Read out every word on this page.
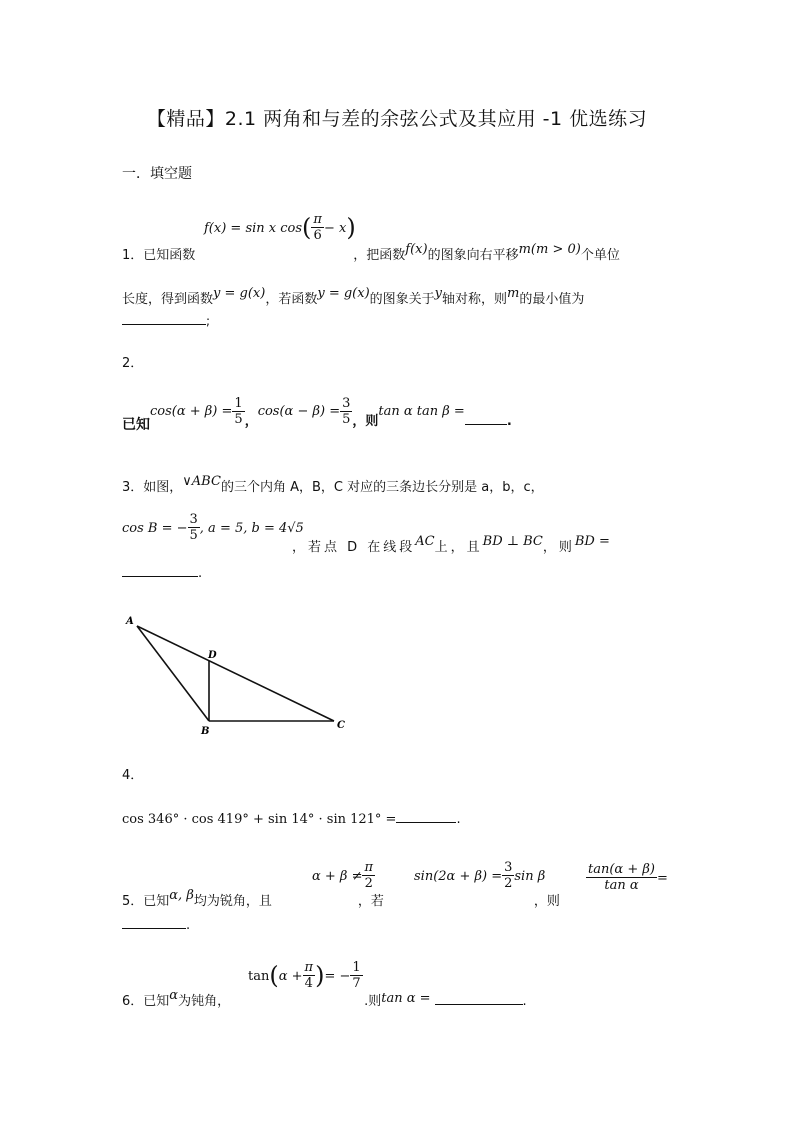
【精品】2.1 两角和与差的余弦公式及其应用 -1 优选练习
一．填空题
f(x) = sin x $\cos( \frac{\pi}{6} - x)$
1．已知函数	，把函数f(x)的图象向右平移m(m > 0)个单位
长度，得到函数y = g(x)，若函数y = g(x)的图象关于y轴对称，则m的最小值为
;
2．
已知$\cos(\alpha + \beta) = \frac{1}{5}$ ，$\cos(\alpha - \beta) = \frac{3}{5}$ ，则tan α tan β =.
3．如图，∨ABC的三个内角 A，B，C 对应的三条边长分别是 a，b，c，
cos B = − $\frac{3}{5}$ , a = 5, b = 4√5
，若点 D 在线段AC上，且BD ⊥ BC，则BD =
.
A
D
B
C
4．
cos 346° · cos 419° + sin 14° · sin 121° =	.
$\alpha + \beta \ne \frac{\pi}{2}$	$\sin(2\alpha + \beta) = \frac{3}{2}$ sin β	$\frac{\tan(\alpha + \beta)}{\text{tan α}}$ =
5．已知α, β均为锐角，且	，若	，则
.
$\tan(\alpha + \frac{\pi}{4}$ )= − $\frac{1}{7}$
6．已知α为钝角，	.则tan α =	.
